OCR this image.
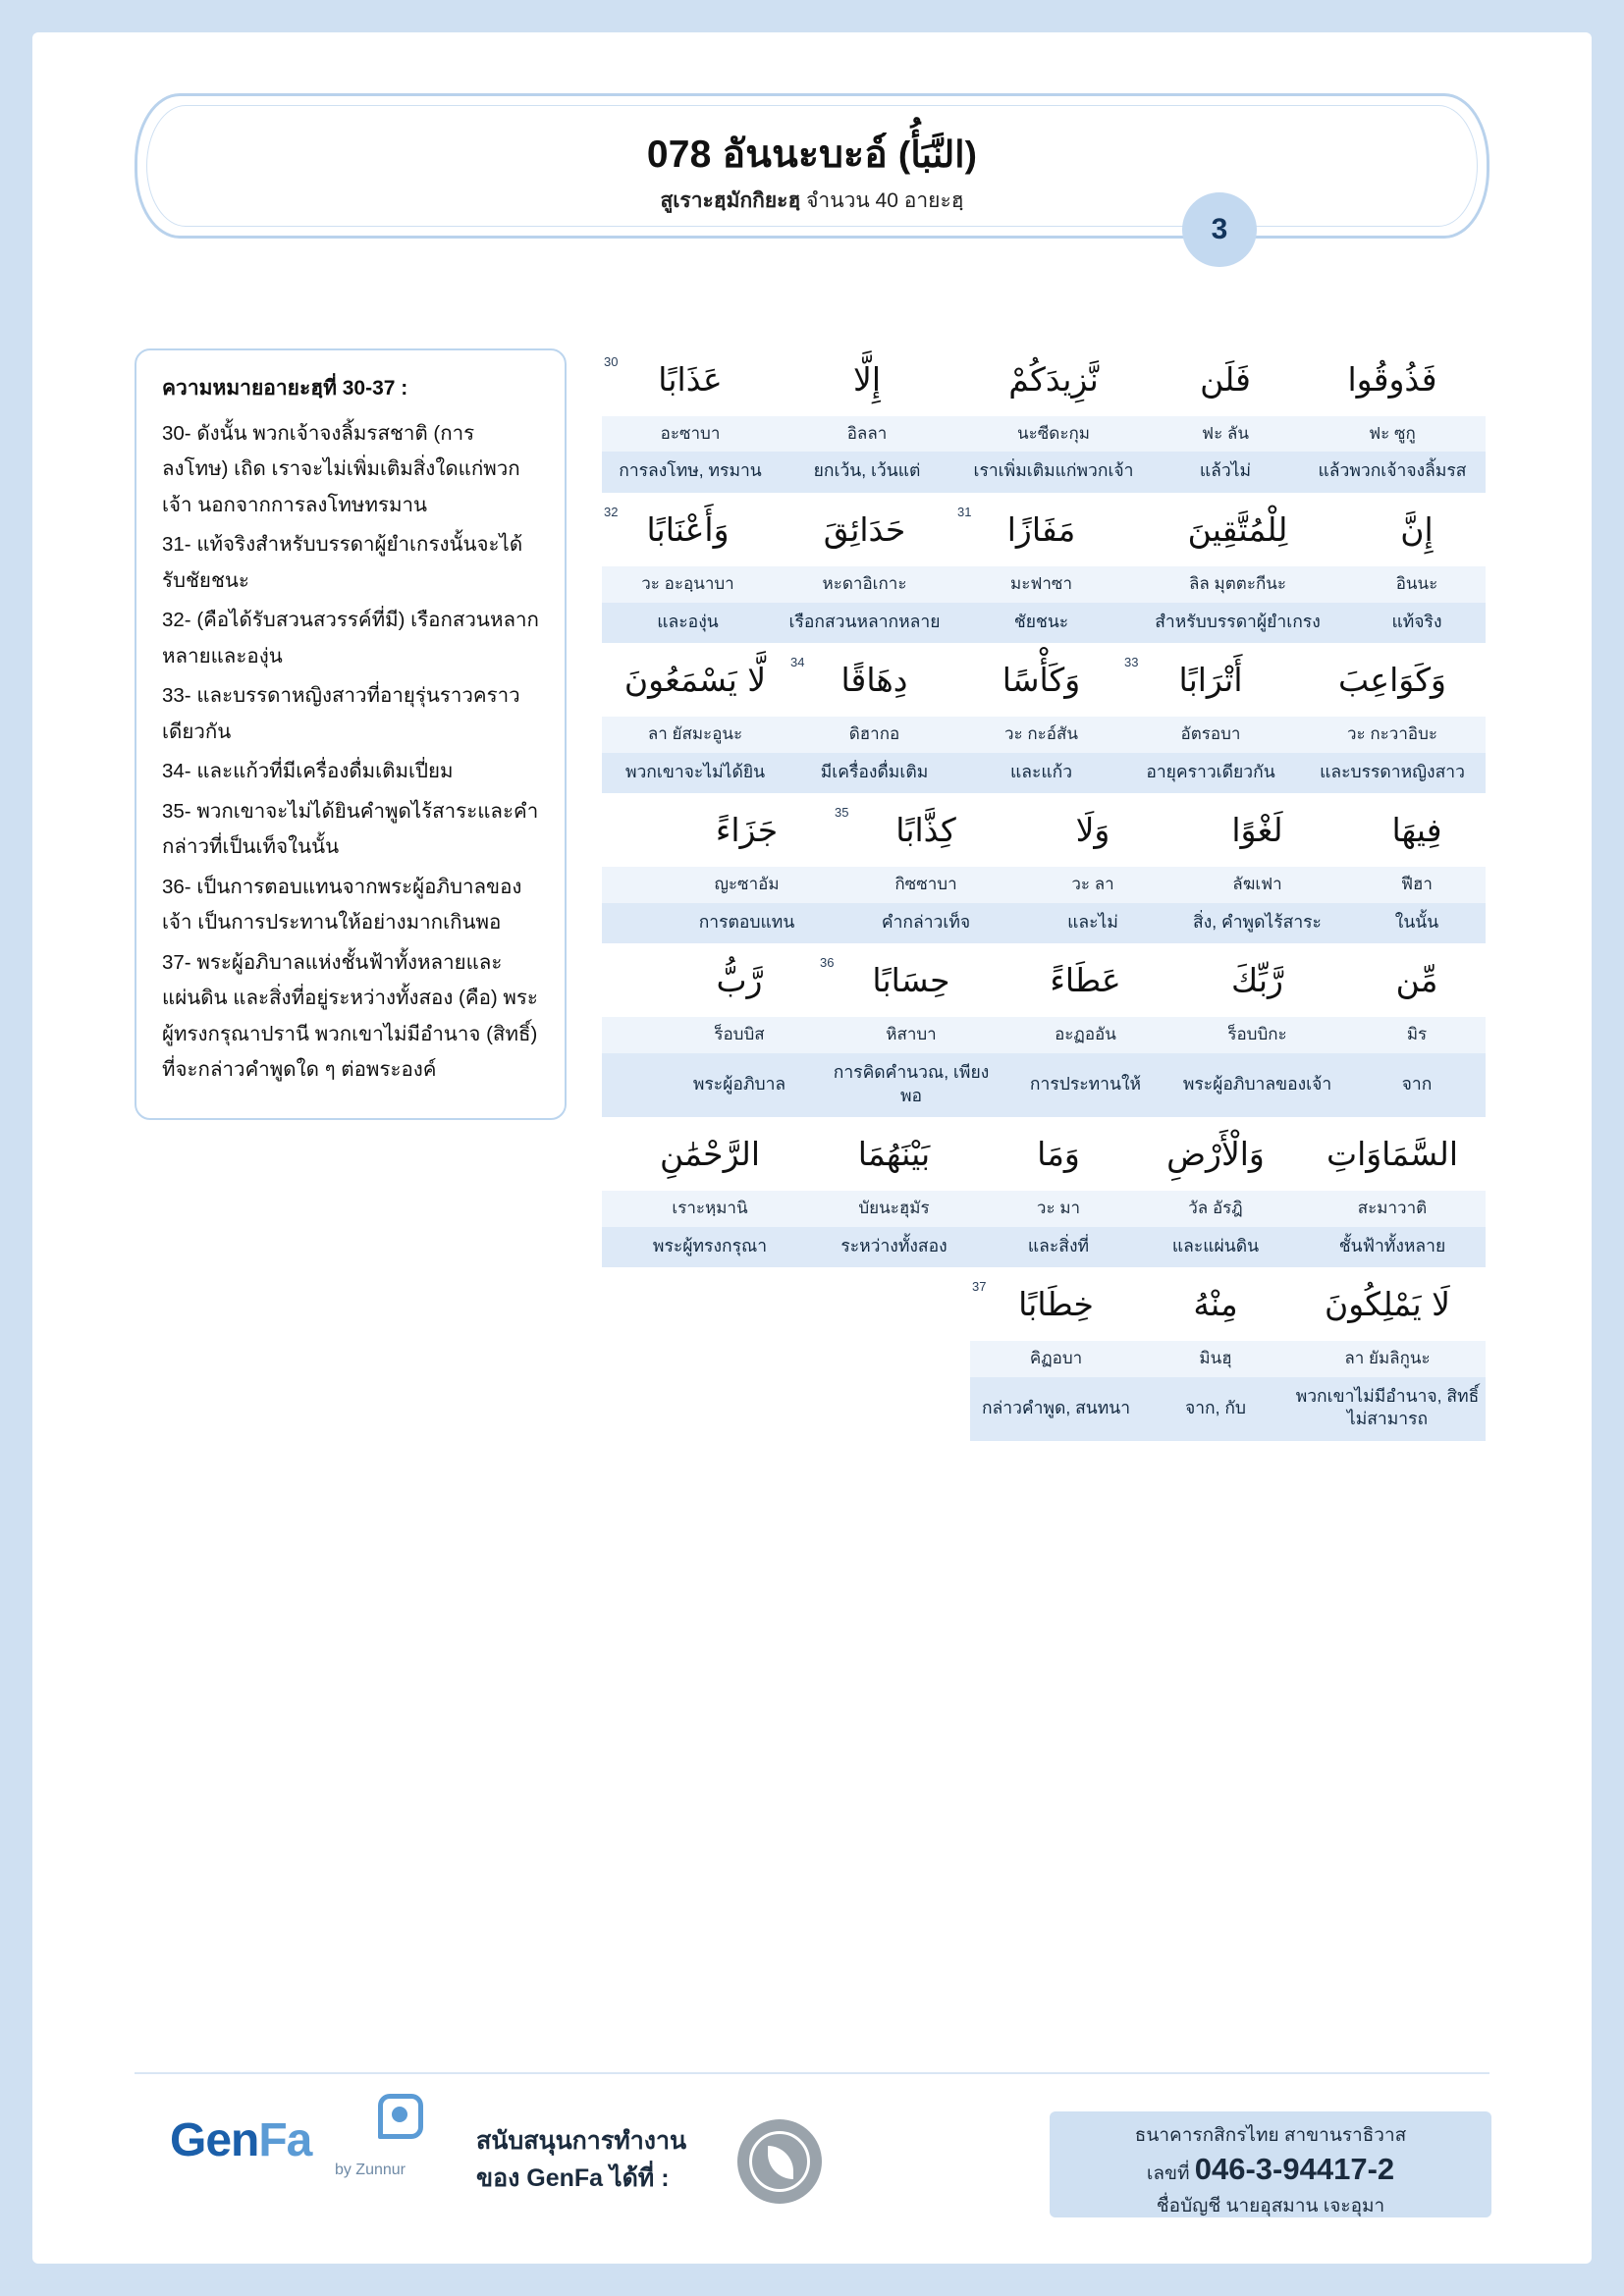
078 อันนะบะอ์ (النَّبَأُ)
สูเราะฮฺมักกิยะฮฺ จำนวน 40 อายะฮฺ
3
ความหมายอายะฮฺที่ 30-37 :
30- ดังนั้น พวกเจ้าจงลิ้มรสชาติ (การลงโทษ) เถิด เราจะไม่เพิ่มเติมสิ่งใดแก่พวกเจ้า นอกจากการลงโทษทรมาน
31- แท้จริงสำหรับบรรดาผู้ยำเกรงนั้นจะได้รับชัยชนะ
32- (คือได้รับสวนสวรรค์ที่มี) เรือกสวนหลากหลายและองุ่น
33- และบรรดาหญิงสาวที่อายุรุ่นราวคราวเดียวกัน
34- และแก้วที่มีเครื่องดื่มเติมเปี่ยม
35- พวกเขาจะไม่ได้ยินคำพูดไร้สาระและคำกล่าวที่เป็นเท็จในนั้น
36- เป็นการตอบแทนจากพระผู้อภิบาลของเจ้า เป็นการประทานให้อย่างมากเกินพอ
37- พระผู้อภิบาลแห่งชั้นฟ้าทั้งหลายและแผ่นดิน และสิ่งที่อยู่ระหว่างทั้งสอง (คือ) พระผู้ทรงกรุณาปรานี พวกเขาไม่มีอำนาจ (สิทธิ์) ที่จะกล่าวคำพูดใด ๆ ต่อพระองค์
فَذُوقُوا
فَلَن
نَّزِيدَكُمْ
إِلَّا
عَذَابًا
30
ฟะ ซูกู
ฟะ ลัน
นะซีดะกุม
อิลลา
อะซาบา
แล้วพวกเจ้าจงลิ้มรส
แล้วไม่
เราเพิ่มเติมแก่พวกเจ้า
ยกเว้น, เว้นแต่
การลงโทษ, ทรมาน
إِنَّ
لِلْمُتَّقِينَ
مَفَازًا
31
حَدَائِقَ
وَأَعْنَابًا
32
อินนะ
ลิล มุตตะกีนะ
มะฟาซา
หะดาอิเกาะ
วะ อะอฺนาบา
แท้จริง
สำหรับบรรดาผู้ยำเกรง
ชัยชนะ
เรือกสวนหลากหลาย
และองุ่น
وَكَوَاعِبَ
أَتْرَابًا
33
وَكَأْسًا
دِهَاقًا
34
لَّا يَسْمَعُونَ
วะ กะวาอิบะ
อัตรอบา
วะ กะอ์สัน
ดิฮากอ
ลา ยัสมะอูนะ
และบรรดาหญิงสาว
อายุคราวเดียวกัน
และแก้ว
มีเครื่องดื่มเติม
พวกเขาจะไม่ได้ยิน
فِيهَا
لَغْوًا
وَلَا
كِذَّابًا
35
جَزَاءً
ฟีฮา
ลัฆเฟา
วะ ลา
กิซซาบา
ญะซาอัม
ในนั้น
สิ่ง, คำพูดไร้สาระ
และไม่
คำกล่าวเท็จ
การตอบแทน
مِّن
رَّبِّكَ
عَطَاءً
حِسَابًا
36
رَّبُّ
มิร
ร็อบบิกะ
อะฏออัน
หิสาบา
ร็อบบิส
จาก
พระผู้อภิบาลของเจ้า
การประทานให้
การคิดคำนวณ, เพียงพอ
พระผู้อภิบาล
السَّمَاوَاتِ
وَالْأَرْضِ
وَمَا
بَيْنَهُمَا
الرَّحْمَٰنِ
สะมาวาติ
วัล อัรฎิ
วะ มา
บัยนะฮุมัร
เราะหฺมานิ
ชั้นฟ้าทั้งหลาย
และแผ่นดิน
และสิ่งที่
ระหว่างทั้งสอง
พระผู้ทรงกรุณา
لَا يَمْلِكُونَ
مِنْهُ
خِطَابًا
37
ลา ยัมลิกูนะ
มินฮุ
คิฏอบา
พวกเขาไม่มีอำนาจ, สิทธิ์ ไม่สามารถ
จาก, กับ
กล่าวคำพูด, สนทนา
GenFa
by Zunnur
สนับสนุนการทำงาน
ของ GenFa ได้ที่ :
ธนาคารกสิกรไทย สาขานราธิวาส
เลขที่ 046-3-94417-2
ชื่อบัญชี นายอุสมาน เจะอุมา
